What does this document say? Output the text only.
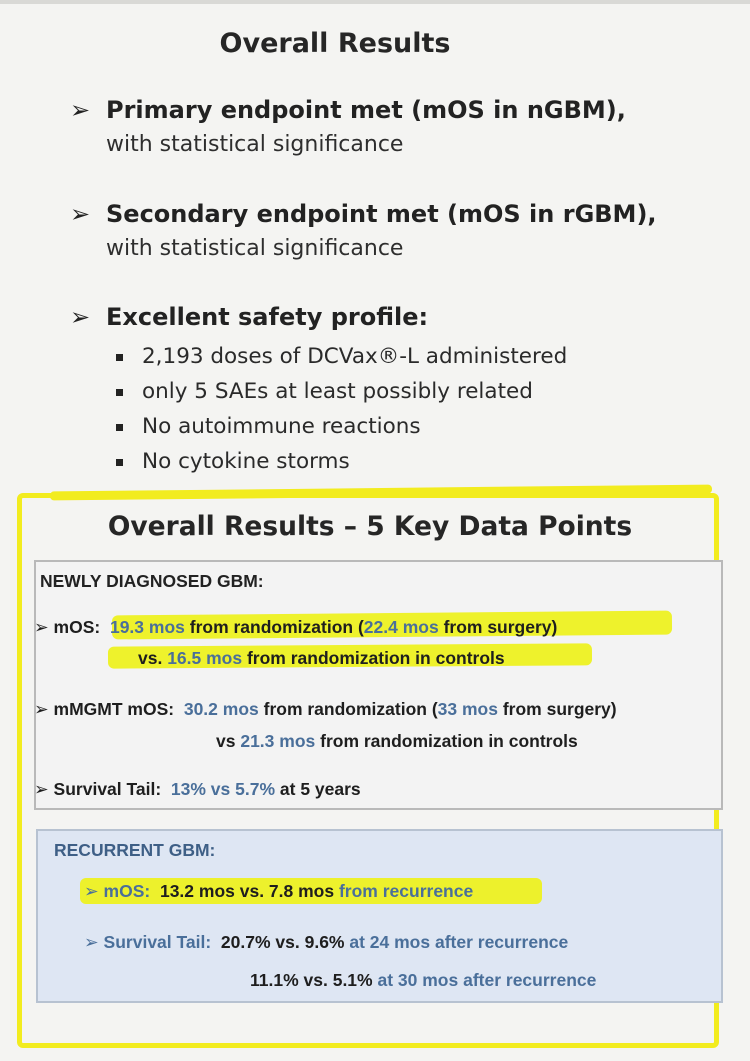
Overall Results
➢ Primary endpoint met (mOS in nGBM),
with statistical significance
➢ Secondary endpoint met (mOS in rGBM),
with statistical significance
➢ Excellent safety profile:
2,193 doses of DCVax®-L administered
only 5 SAEs at least possibly related
No autoimmune reactions
No cytokine storms
Overall Results – 5 Key Data Points
NEWLY DIAGNOSED GBM:
➢ mOS: 19.3 mos from randomization (22.4 mos from surgery)
vs. 16.5 mos from randomization in controls
➢ mMGMT mOS: 30.2 mos from randomization (33 mos from surgery)
vs 21.3 mos from randomization in controls
➢ Survival Tail: 13% vs 5.7% at 5 years
RECURRENT GBM:
➢ mOS: 13.2 mos vs. 7.8 mos from recurrence
➢ Survival Tail: 20.7% vs. 9.6% at 24 mos after recurrence
11.1% vs. 5.1% at 30 mos after recurrence
